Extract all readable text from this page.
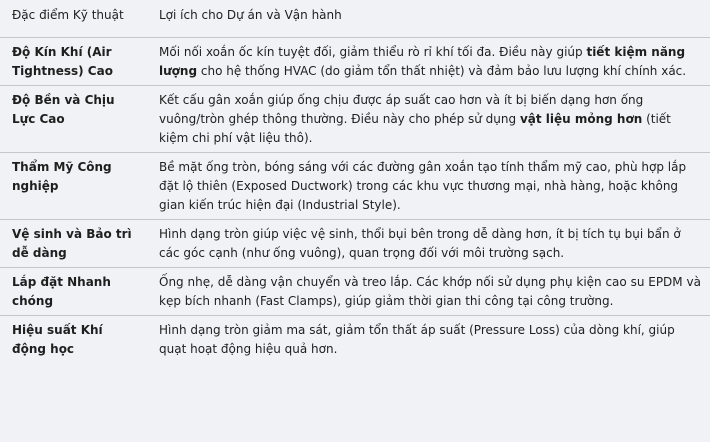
Đặc điểm Kỹ thuật	Lợi ích cho Dự án và Vận hành
Độ Kín Khí (Air Tightness) Cao	Mối nối xoắn ốc kín tuyệt đối, giảm thiểu rò rỉ khí tối đa. Điều này giúp tiết kiệm năng lượng cho hệ thống HVAC (do giảm tổn thất nhiệt) và đảm bảo lưu lượng khí chính xác.
Độ Bền và Chịu Lực Cao	Kết cấu gân xoắn giúp ống chịu được áp suất cao hơn và ít bị biến dạng hơn ống vuông/tròn ghép thông thường. Điều này cho phép sử dụng vật liệu mỏng hơn (tiết kiệm chi phí vật liệu thô).
Thẩm Mỹ Công nghiệp	Bề mặt ống tròn, bóng sáng với các đường gân xoắn tạo tính thẩm mỹ cao, phù hợp lắp đặt lộ thiên (Exposed Ductwork) trong các khu vực thương mại, nhà hàng, hoặc không gian kiến trúc hiện đại (Industrial Style).
Vệ sinh và Bảo trì dễ dàng	Hình dạng tròn giúp việc vệ sinh, thổi bụi bên trong dễ dàng hơn, ít bị tích tụ bụi bẩn ở các góc cạnh (như ống vuông), quan trọng đối với môi trường sạch.
Lắp đặt Nhanh chóng	Ống nhẹ, dễ dàng vận chuyển và treo lắp. Các khớp nối sử dụng phụ kiện cao su EPDM và kẹp bích nhanh (Fast Clamps), giúp giảm thời gian thi công tại công trường.
Hiệu suất Khí động học	Hình dạng tròn giảm ma sát, giảm tổn thất áp suất (Pressure Loss) của dòng khí, giúp quạt hoạt động hiệu quả hơn.
